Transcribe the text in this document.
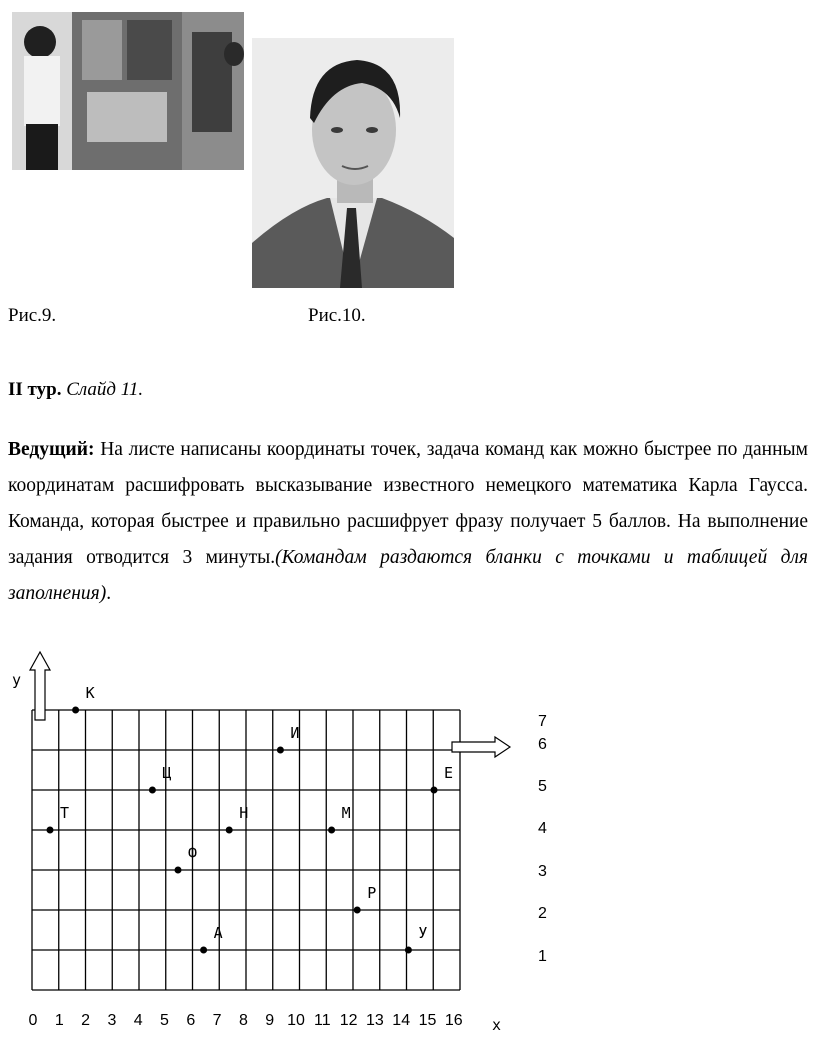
Рис.9.	Рис.10.
II тур. Слайд 11.
Ведущий: На листе написаны координаты точек, задача команд как можно быстрее по данным координатам расшифровать высказывание известного немецкого математика Карла Гаусса. Команда, которая быстрее и правильно расшифрует фразу получает 5 баллов. На выполнение задания отводится 3 минуты.(Командам раздаются бланки с точками и таблицей для заполнения).
y
x
0 1 2 3 4 5 6 7 8 9 10 11 12 13 14 15 16
1
2
3
4
5
6
7
К
И
Ц	Е
Т	Н	М
Ф
Р
А	У
